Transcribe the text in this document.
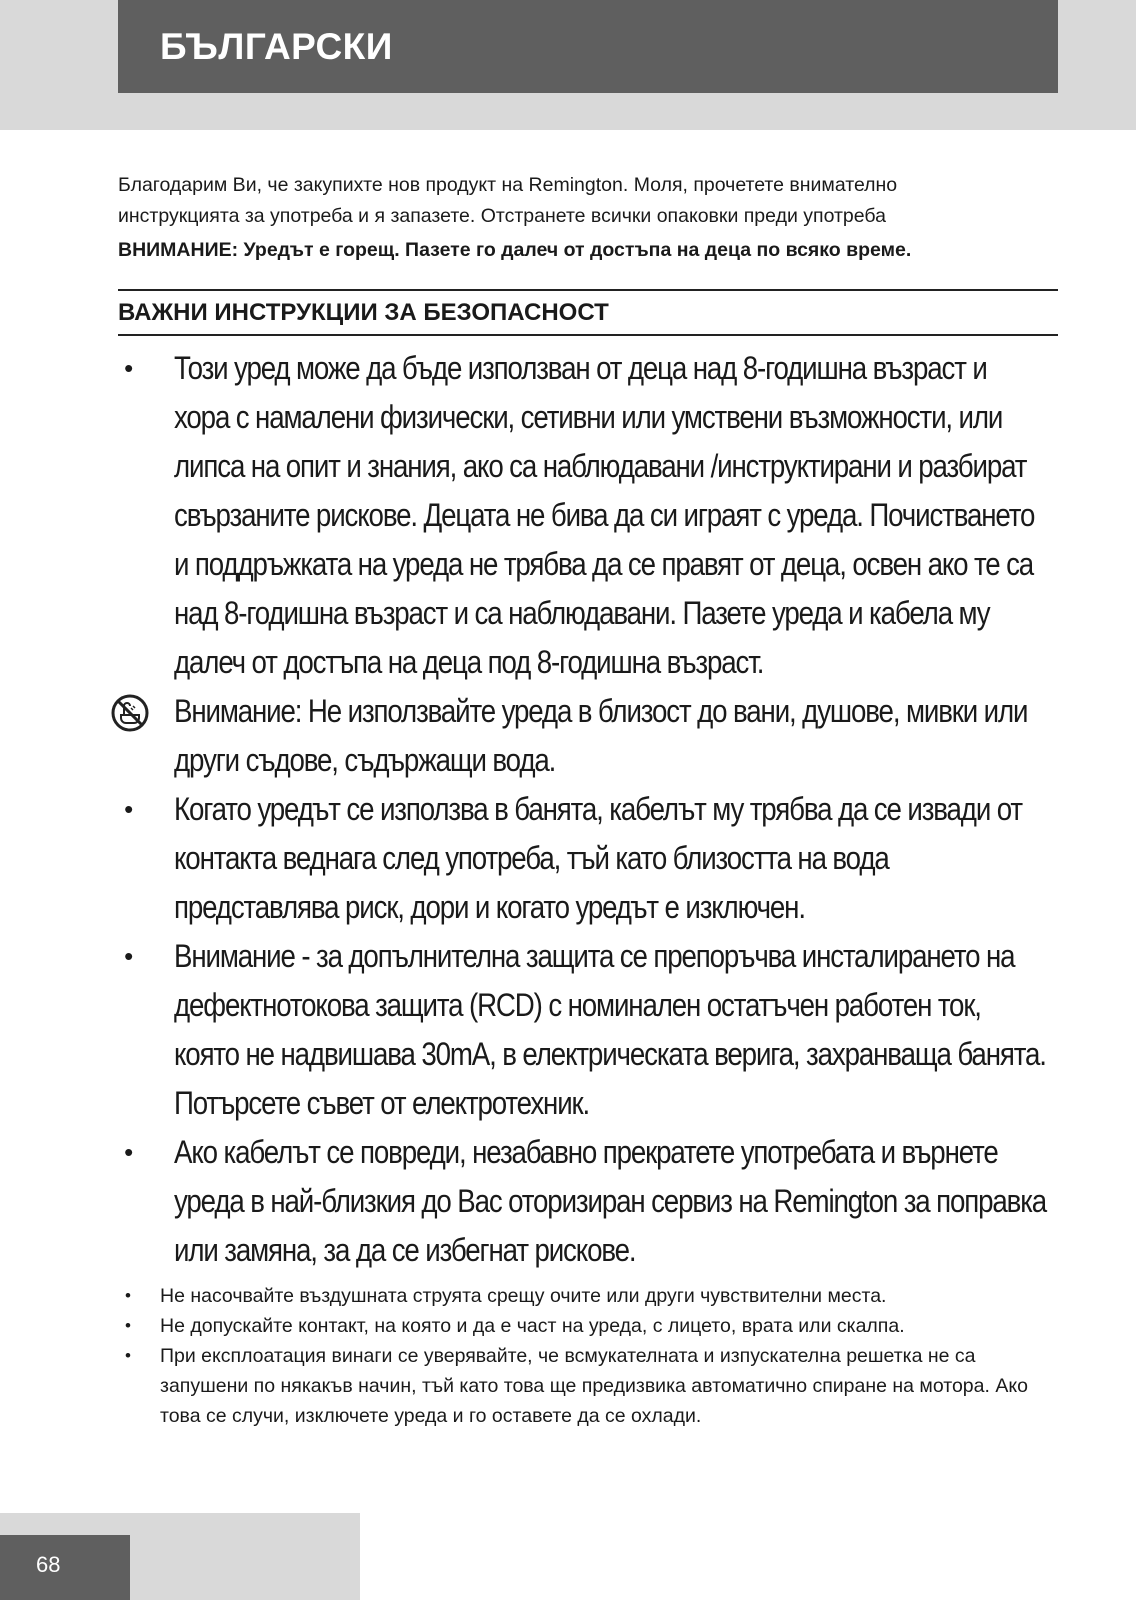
БЪЛГАРСКИ

Благодарим Ви, че закупихте нов продукт на Remington. Моля, прочетете внимателно
инструкцията за употреба и я запазете. Отстранете всички опаковки преди употреба

ВНИМАНИЕ: Уредът е горещ. Пазете го далеч от достъпа на деца по всяко време.

ВАЖНИ ИНСТРУКЦИИ ЗА БЕЗОПАСНОСТ
• Този уред може да бъде използван от деца над 8-годишна възраст и хора с намалени физически, сетивни или умствени възможности, или липса на опит и знания, ако са наблюдавани /инструктирани и разбират свързаните рискове. Децата не бива да си играят с уреда. Почистването и поддръжката на уреда не трябва да се правят от деца, освен ако те са над 8-годишна възраст и са наблюдавани. Пазете уреда и кабела му далеч от достъпа на деца под 8-годишна възраст.
Внимание: Не използвайте уреда в близост до вани, душове, мивки или други съдове, съдържащи вода.
• Когато уредът се използва в банята, кабелът му трябва да се извади от контакта веднага след употреба, тъй като близостта на вода представлява риск, дори и когато уредът е изключен.
• Внимание - за допълнителна защита се препоръчва инсталирането на дефектнотокова защита (RCD) с номинален остатъчен работен ток, която не надвишава 30mA, в електрическата верига, захранваща банята. Потърсете съвет от електротехник.
• Ако кабелът се повреди, незабавно прекратете употребата и върнете уреда в най-близкия до Вас оторизиран сервиз на Remington за поправка или замяна, за да се избегнат рискове.
•	Не насочвайте въздушната струята срещу очите или други чувствителни места.
•	Не допускайте контакт, на която и да е част на уреда, с лицето, врата или скалпа.
•	При експлоатация винаги се уверявайте, че всмукателната и изпускателна решетка не са запушени по някакъв начин, тъй като това ще предизвика автоматично спиране на мотора. Ако това се случи, изключете уреда и го оставете да се охлади.
68
